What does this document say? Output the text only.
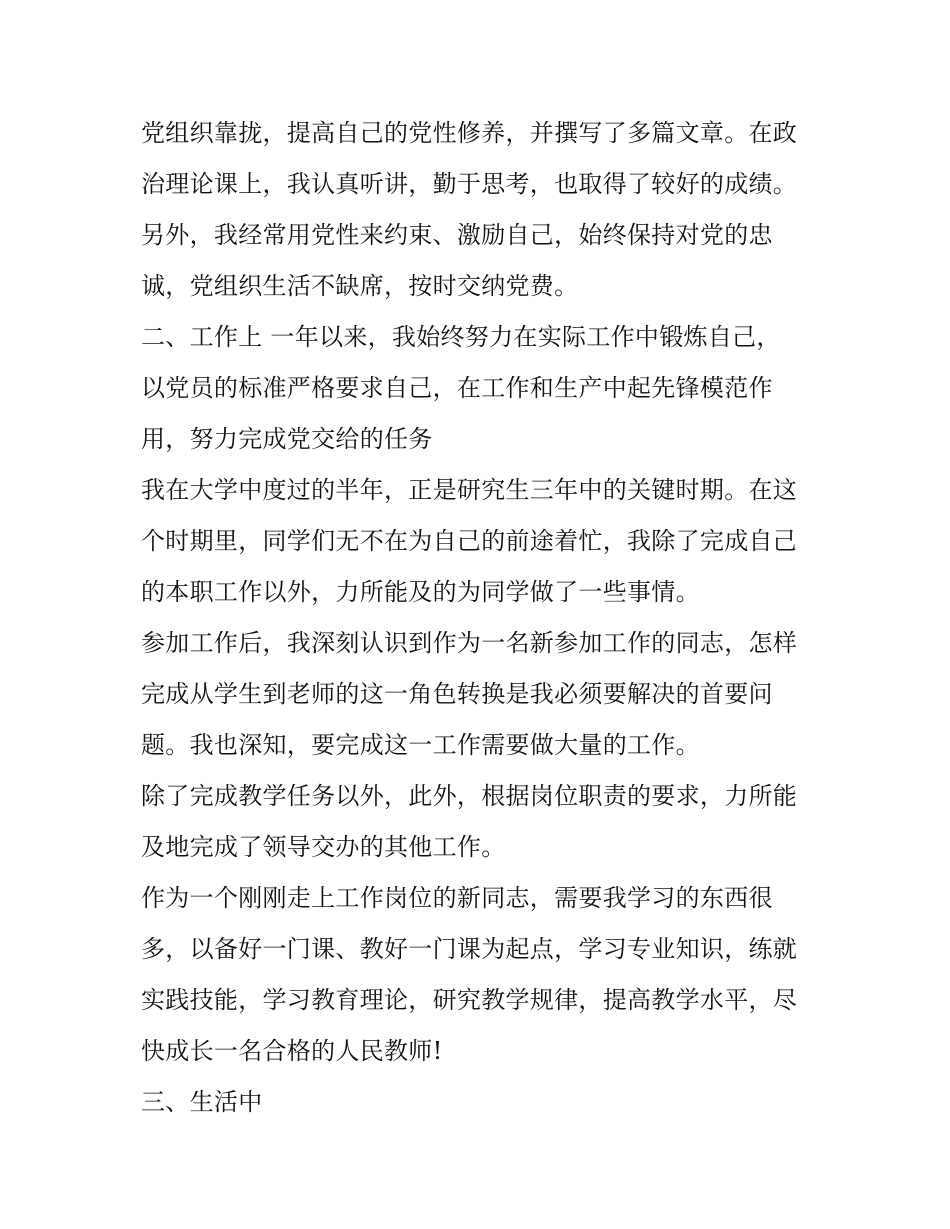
党组织靠拢，提高自己的党性修养，并撰写了多篇文章。在政
治理论课上，我认真听讲，勤于思考，也取得了较好的成绩。
另外，我经常用党性来约束、激励自己，始终保持对党的忠
诚，党组织生活不缺席，按时交纳党费。
二、工作上 一年以来，我始终努力在实际工作中锻炼自己，
以党员的标准严格要求自己，在工作和生产中起先锋模范作
用，努力完成党交给的任务
我在大学中度过的半年，正是研究生三年中的关键时期。在这
个时期里，同学们无不在为自己的前途着忙，我除了完成自己
的本职工作以外，力所能及的为同学做了一些事情。
参加工作后，我深刻认识到作为一名新参加工作的同志，怎样
完成从学生到老师的这一角色转换是我必须要解决的首要问
题。我也深知，要完成这一工作需要做大量的工作。
除了完成教学任务以外，此外，根据岗位职责的要求，力所能
及地完成了领导交办的其他工作。
作为一个刚刚走上工作岗位的新同志，需要我学习的东西很
多，以备好一门课、教好一门课为起点，学习专业知识，练就
实践技能，学习教育理论，研究教学规律，提高教学水平，尽
快成长一名合格的人民教师!
三、生活中
